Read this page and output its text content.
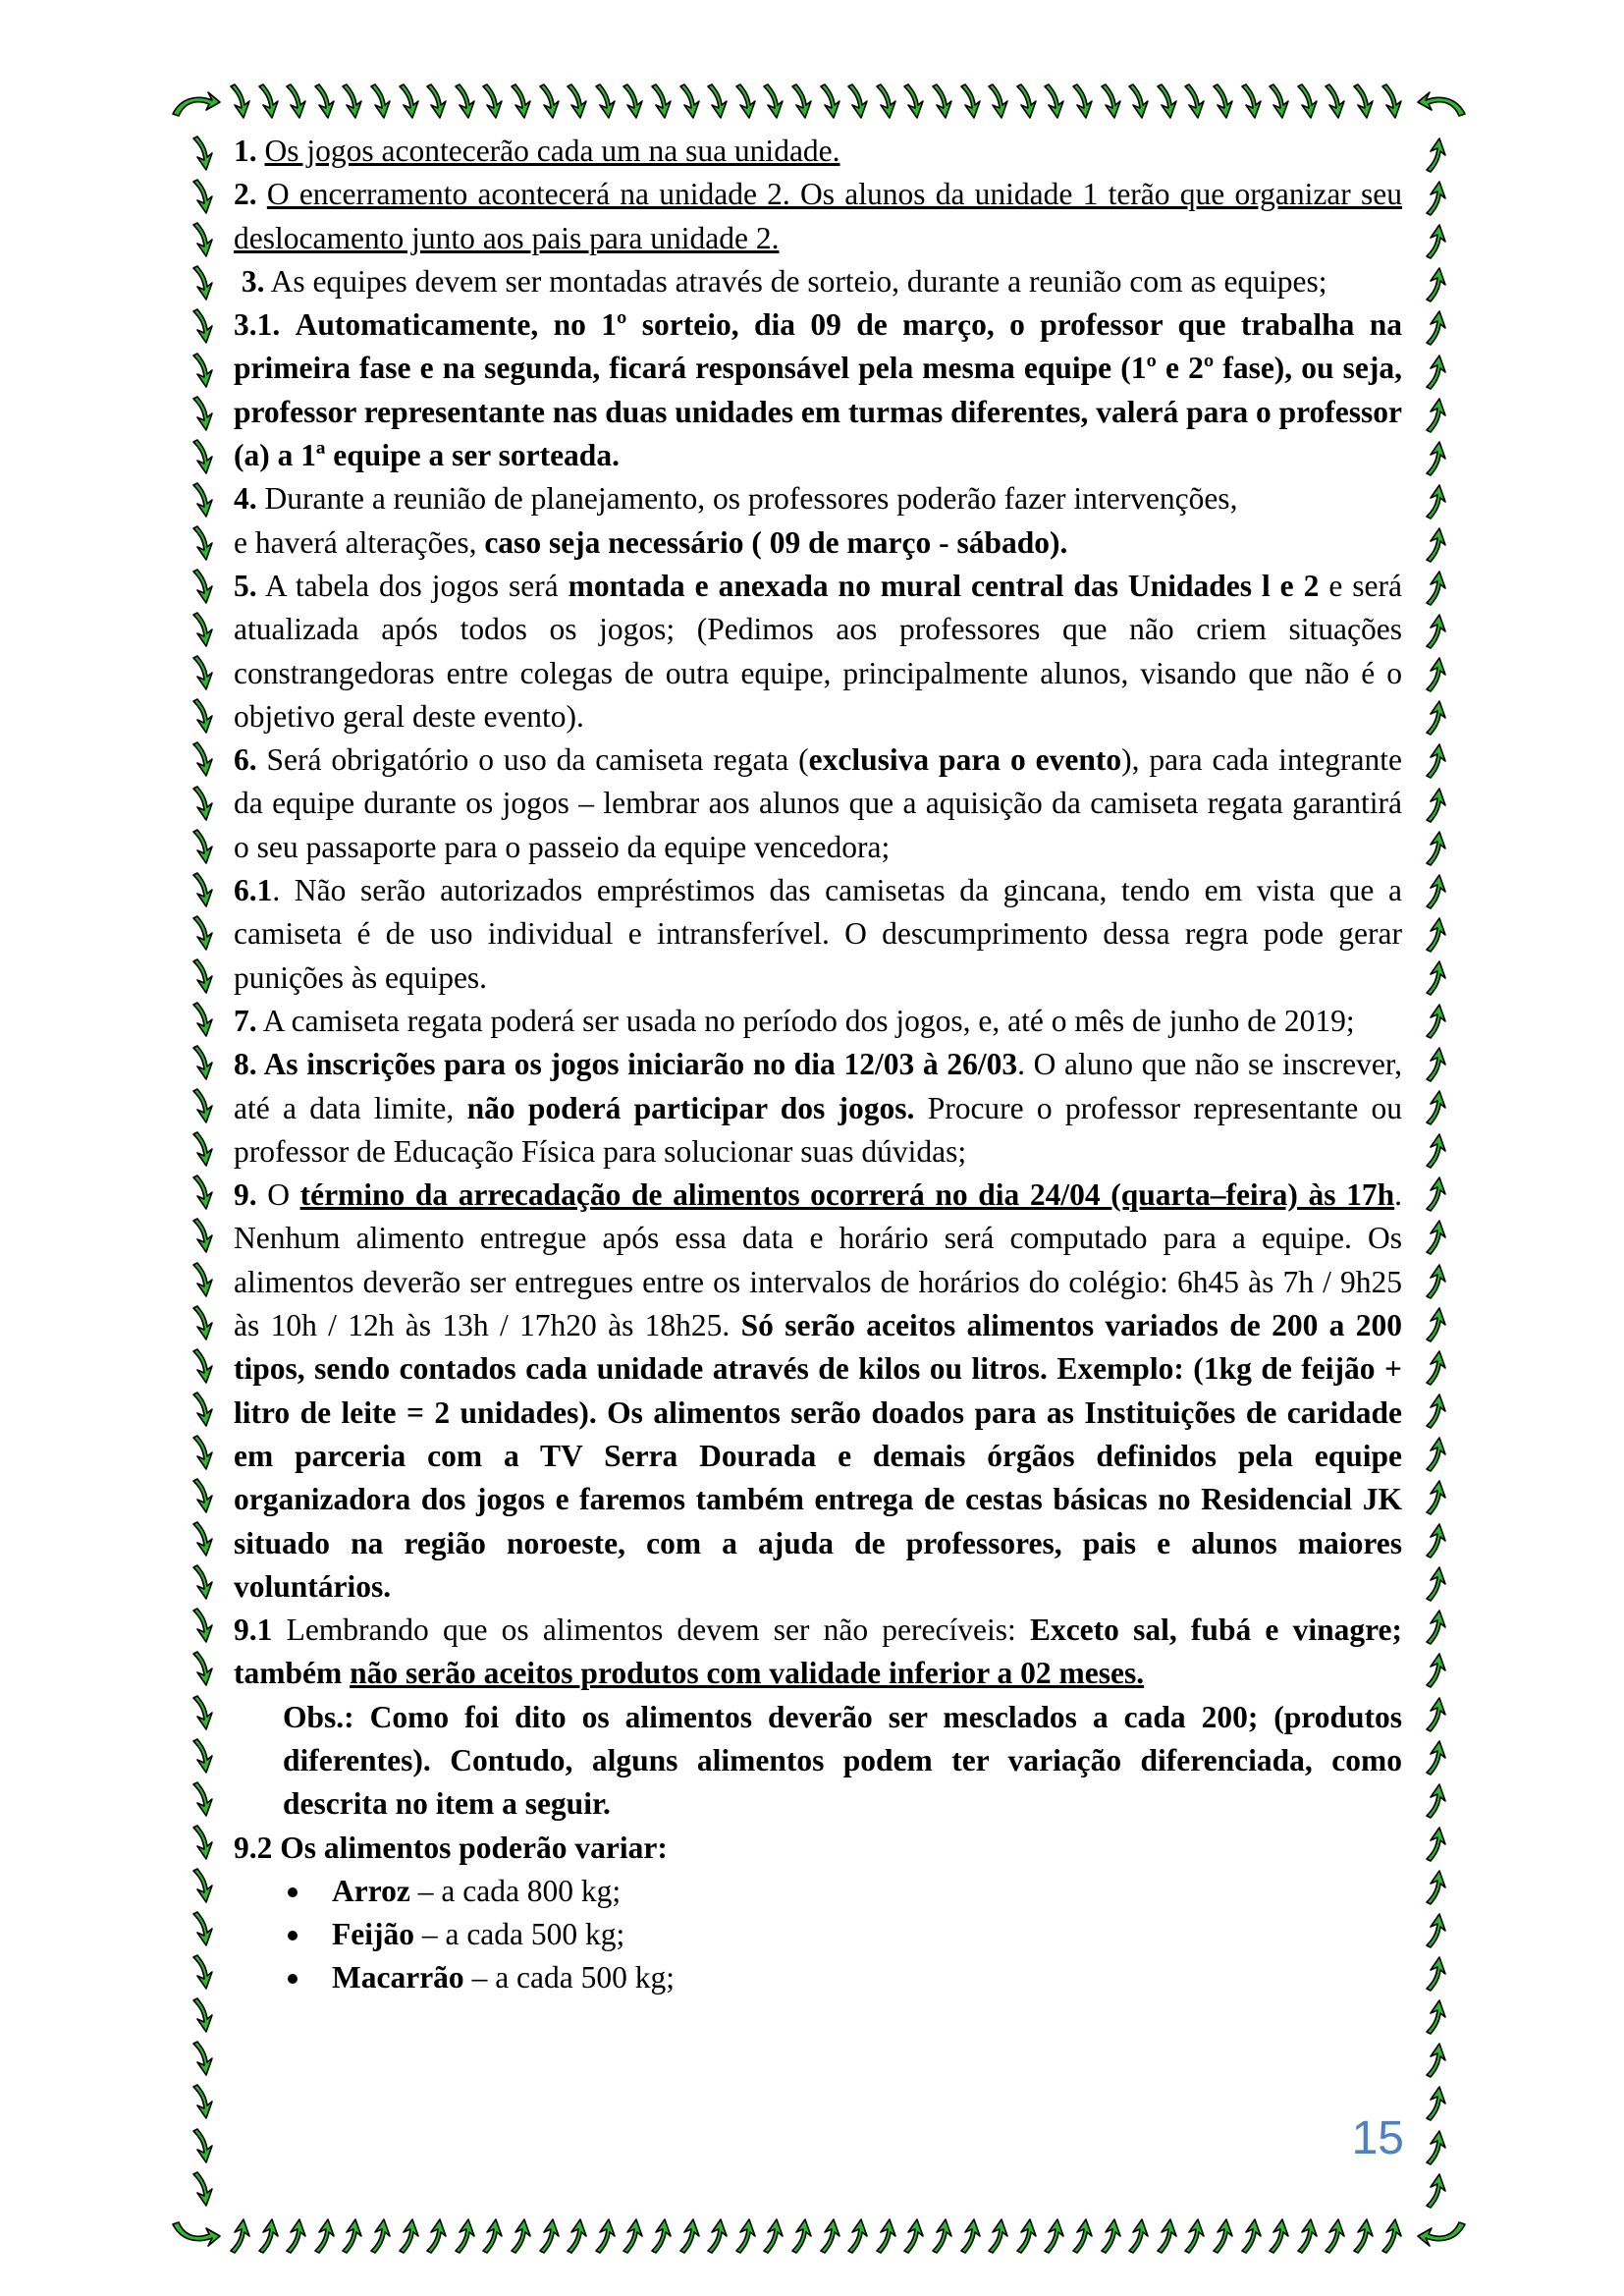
1. Os jogos acontecerão cada um na sua unidade.

2. O encerramento acontecerá na unidade 2. Os alunos da unidade 1 terão que organizar seu deslocamento junto aos pais para unidade 2.

3. As equipes devem ser montadas através de sorteio, durante a reunião com as equipes;

3.1. Automaticamente, no 1º sorteio, dia 09 de março, o professor que trabalha na primeira fase e na segunda, ficará responsável pela mesma equipe (1º e 2º fase), ou seja, professor representante nas duas unidades em turmas diferentes, valerá para o professor (a) a 1ª equipe a ser sorteada.

4. Durante a reunião de planejamento, os professores poderão fazer intervenções,
e haverá alterações, caso seja necessário ( 09 de março - sábado).

5. A tabela dos jogos será montada e anexada no mural central das Unidades l e 2 e será atualizada após todos os jogos; (Pedimos aos professores que não criem situações constrangedoras entre colegas de outra equipe, principalmente alunos, visando que não é o objetivo geral deste evento).

6. Será obrigatório o uso da camiseta regata (exclusiva para o evento), para cada integrante da equipe durante os jogos – lembrar aos alunos que a aquisição da camiseta regata garantirá o seu passaporte para o passeio da equipe vencedora;

6.1. Não serão autorizados empréstimos das camisetas da gincana, tendo em vista que a camiseta é de uso individual e intransferível. O descumprimento dessa regra pode gerar punições às equipes.

7. A camiseta regata poderá ser usada no período dos jogos, e, até o mês de junho de 2019;

8. As inscrições para os jogos iniciarão no dia 12/03 à 26/03. O aluno que não se inscrever, até a data limite, não poderá participar dos jogos. Procure o professor representante ou professor de Educação Física para solucionar suas dúvidas;

9. O término da arrecadação de alimentos ocorrerá no dia 24/04 (quarta–feira) às 17h. Nenhum alimento entregue após essa data e horário será computado para a equipe. Os alimentos deverão ser entregues entre os intervalos de horários do colégio: 6h45 às 7h / 9h25 às 10h / 12h às 13h / 17h20 às 18h25. Só serão aceitos alimentos variados de 200 a 200 tipos, sendo contados cada unidade através de kilos ou litros. Exemplo: (1kg de feijão + litro de leite = 2 unidades). Os alimentos serão doados para as Instituições de caridade em parceria com a TV Serra Dourada e demais órgãos definidos pela equipe organizadora dos jogos e faremos também entrega de cestas básicas no Residencial JK situado na região noroeste, com a ajuda de professores, pais e alunos maiores voluntários.

9.1 Lembrando que os alimentos devem ser não perecíveis: Exceto sal, fubá e vinagre; também não serão aceitos produtos com validade inferior a 02 meses.

Obs.: Como foi dito os alimentos deverão ser mesclados a cada 200; (produtos diferentes). Contudo, alguns alimentos podem ter variação diferenciada, como descrita no item a seguir.

9.2 Os alimentos poderão variar:

Arroz – a cada 800 kg;
Feijão – a cada 500 kg;
Macarrão – a cada 500 kg;
15
